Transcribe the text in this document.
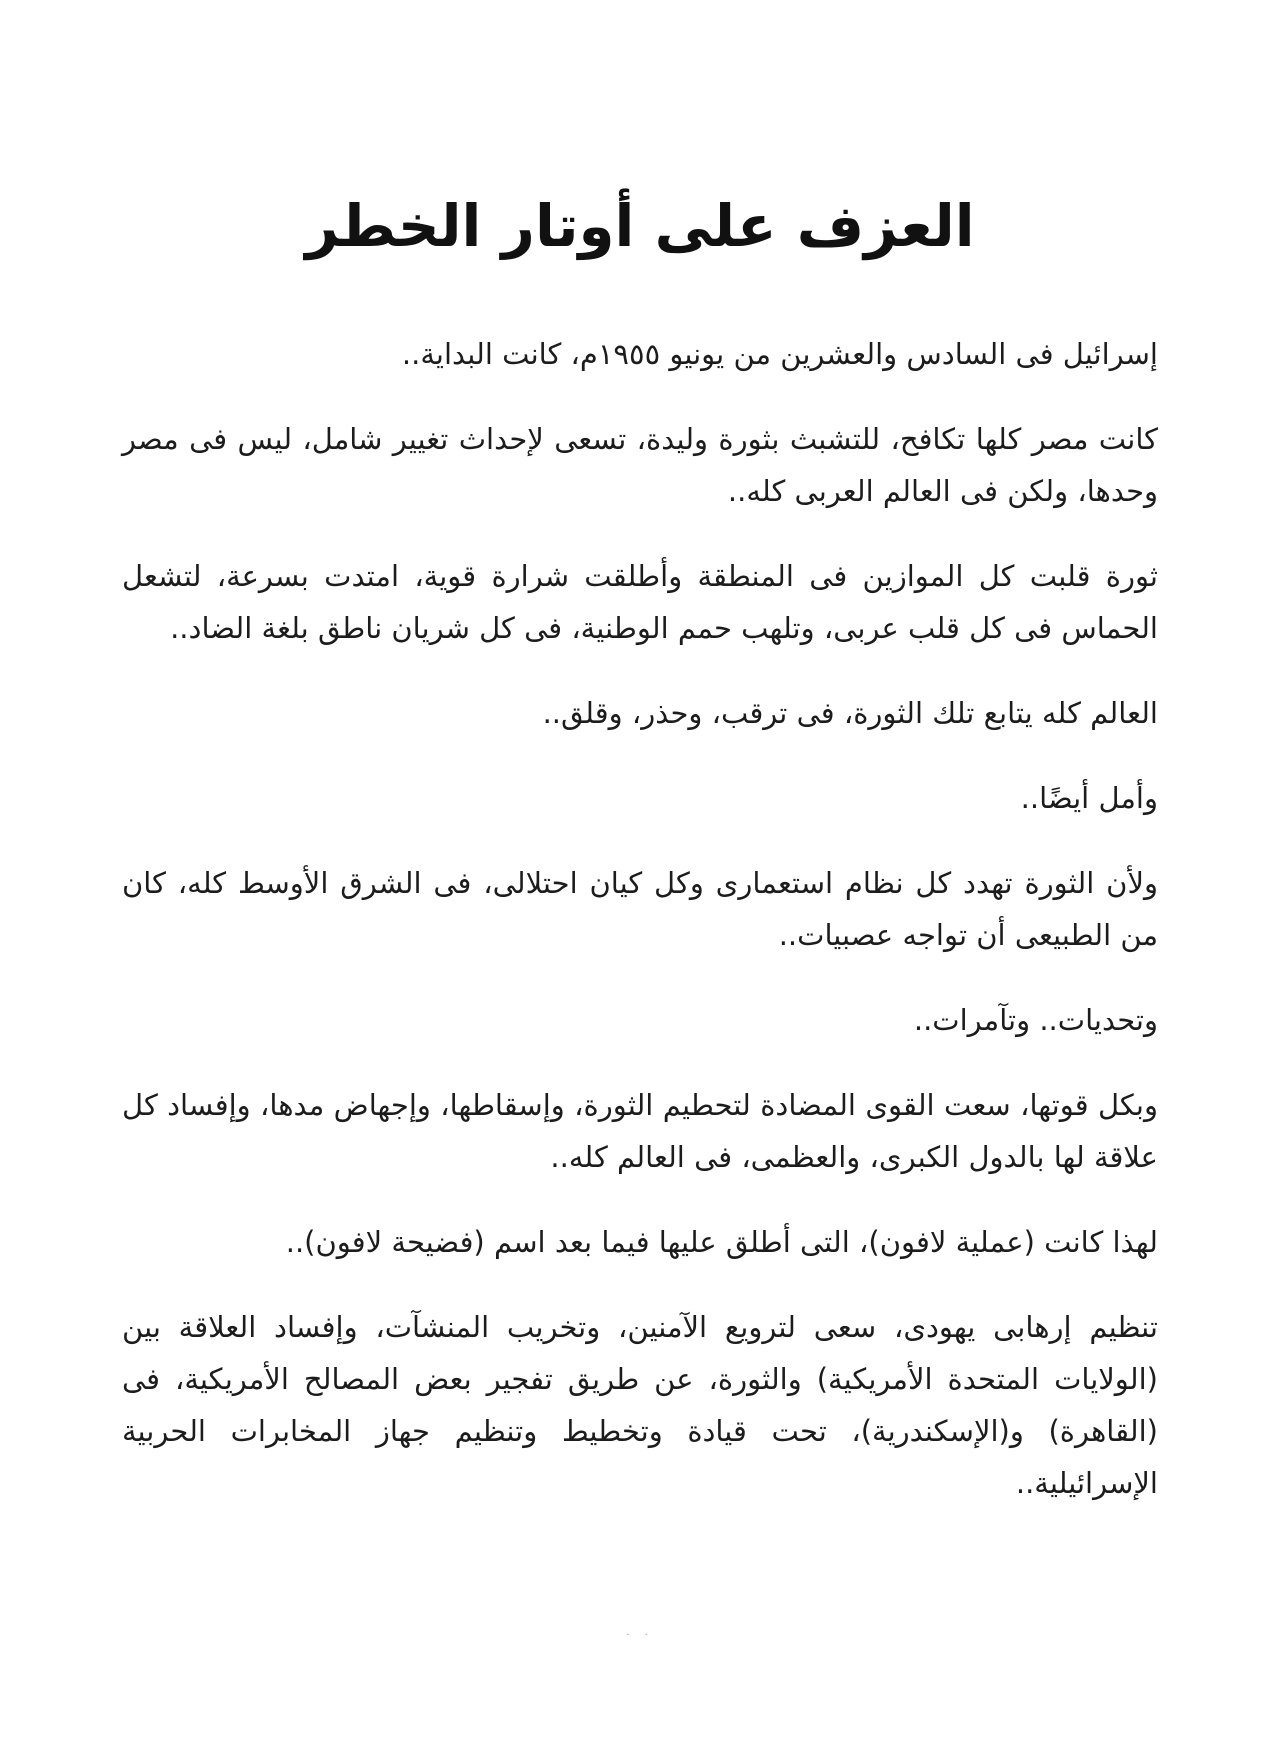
العزف على أوتار الخطر

إسرائيل فى السادس والعشرين من يونيو ١٩٥٥م، كانت البداية..

كانت مصر كلها تكافح، للتشبث بثورة وليدة، تسعى لإحداث تغيير شامل، ليس فى مصر وحدها، ولكن فى العالم العربى كله..

ثورة قلبت كل الموازين فى المنطقة وأطلقت شرارة قوية، امتدت بسرعة، لتشعل الحماس فى كل قلب عربى، وتلهب حمم الوطنية، فى كل شريان ناطق بلغة الضاد..

العالم كله يتابع تلك الثورة، فى ترقب، وحذر، وقلق..

وأمل أيضًا..

ولأن الثورة تهدد كل نظام استعمارى وكل كيان احتلالى، فى الشرق الأوسط كله، كان من الطبيعى أن تواجه عصبيات..

وتحديات.. وتآمرات..

وبكل قوتها، سعت القوى المضادة لتحطيم الثورة، وإسقاطها، وإجهاض مدها، وإفساد كل علاقة لها بالدول الكبرى، والعظمى، فى العالم كله..

لهذا كانت (عملية لافون)، التى أطلق عليها فيما بعد اسم (فضيحة لافون)..

تنظيم إرهابى يهودى، سعى لترويع الآمنين، وتخريب المنشآت، وإفساد العلاقة بين (الولايات المتحدة الأمريكية) والثورة، عن طريق تفجير بعض المصالح الأمريكية، فى (القاهرة) و(الإسكندرية)، تحت قيادة وتخطيط وتنظيم جهاز المخابرات الحربية الإسرائيلية..

· ·
